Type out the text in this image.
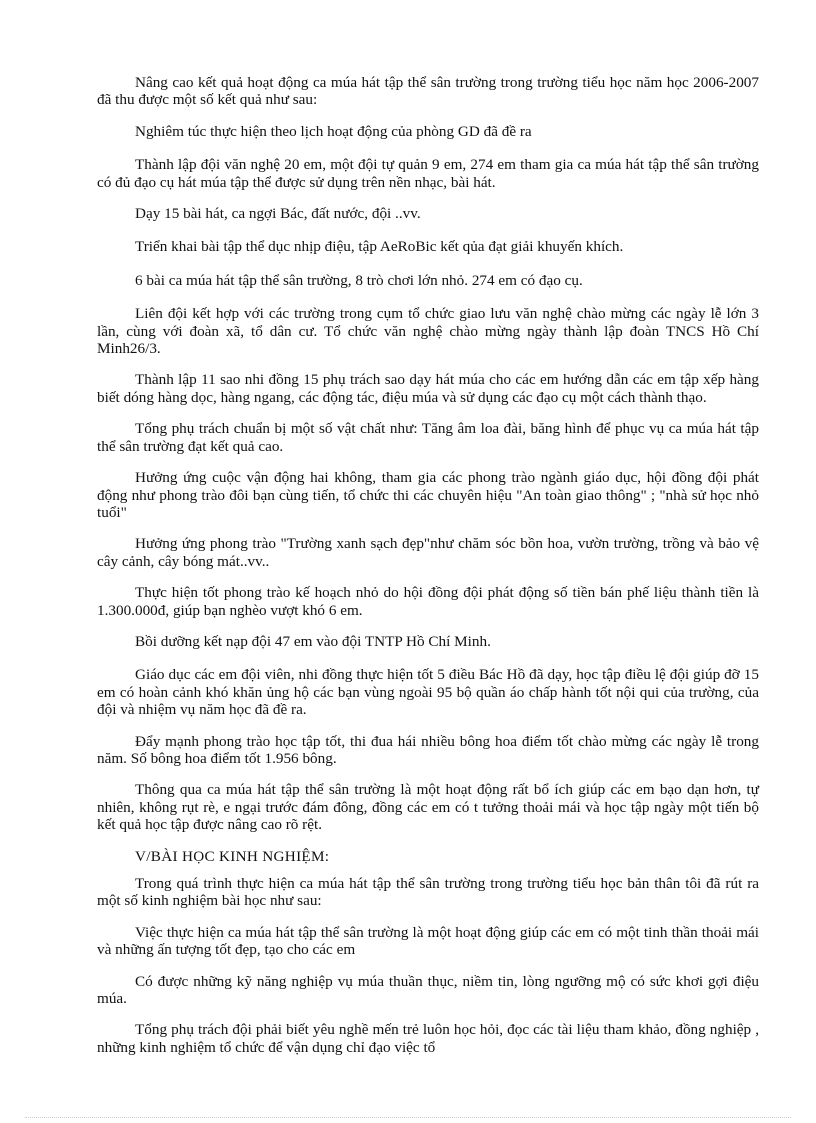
Nâng cao kết quả hoạt động ca múa hát tập thể sân trường trong trường tiểu học năm học 2006-2007 đã thu được một số kết quả như sau:

Nghiêm túc thực hiện theo lịch hoạt động của phòng GD đã đề ra

Thành lập đội văn nghệ 20 em, một đội tự quản 9 em, 274 em tham gia ca múa hát tập thể sân trường có đủ đạo cụ hát múa tập thể được sử dụng trên nền nhạc, bài hát.

Dạy 15 bài hát, ca ngợi Bác, đất nước, đội ..vv.

Triển khai bài tập thể dục nhịp điệu, tập AeRoBic kết qủa đạt giải khuyến khích.

6 bài ca múa hát tập thể sân trường, 8 trò chơi lớn nhỏ. 274 em có đạo cụ.

Liên đội kết hợp với các trường trong cụm tổ chức giao lưu văn nghệ chào mừng các ngày lễ lớn 3 lần, cùng với đoàn xã, tổ dân cư. Tổ chức văn nghệ chào mừng ngày thành lập đoàn TNCS Hồ Chí Minh26/3.

Thành lập 11 sao nhi đồng 15 phụ trách sao dạy hát múa cho các em hướng dẫn các em tập xếp hàng biết dóng hàng dọc, hàng ngang, các động tác, điệu múa và sử dụng các đạo cụ một cách thành thạo.

Tổng phụ trách chuẩn bị một số vật chất như: Tăng âm loa đài, băng hình để phục vụ ca múa hát tập thể sân trường đạt kết quả cao.

Hưởng ứng cuộc vận động hai không, tham gia các phong trào ngành giáo dục, hội đồng đội phát động như phong trào đôi bạn cùng tiến, tổ chức thi các chuyên hiệu "An toàn giao thông" ; "nhà sử học nhỏ tuổi"

Hưởng ứng phong trào "Trường xanh sạch đẹp"như chăm sóc bồn hoa, vườn trường, trồng và bảo vệ cây cảnh, cây bóng mát..vv..

Thực hiện tốt phong trào kế hoạch nhỏ do hội đồng đội phát động số tiền bán phế liệu thành tiền là 1.300.000đ, giúp bạn nghèo vượt khó 6 em.

Bồi dưỡng kết nạp đội 47 em vào đội TNTP Hồ Chí Minh.

Giáo dục các em đội viên, nhi đồng thực hiện tốt 5 điều Bác Hồ đã dạy, học tập điều lệ đội giúp đỡ 15 em có hoàn cảnh khó khăn ủng hộ các bạn vùng ngoài 95 bộ quần áo chấp hành tốt nội qui của trường, của đội và nhiệm vụ năm học đã đề ra.

Đẩy mạnh phong trào học tập tốt, thi đua hái nhiều bông hoa điểm tốt chào mừng các ngày lễ trong năm. Số bông hoa điểm tốt 1.956 bông.

Thông qua ca múa hát tập thể sân trường là một hoạt động rất bổ ích giúp các em bạo dạn hơn, tự nhiên, không rụt rè, e ngại trước đám đông, đồng các em có t tưởng thoải mái và học tập ngày một tiến bộ kết quả học tập được nâng cao rõ rệt.

V/BÀI HỌC KINH NGHIỆM:

Trong quá trình thực hiện ca múa hát tập thể sân trường trong trường tiểu học bản thân tôi đã rút ra một số kinh nghiệm bài học như sau:

Việc thực hiện ca múa hát tập thể sân trường là một hoạt động giúp các em có một tinh thần thoải mái và những ấn tượng tốt đẹp, tạo cho các em

Có được những kỹ năng nghiệp vụ múa thuần thục, niềm tin, lòng ngưỡng mộ có sức khơi gợi điệu múa.

Tổng phụ trách đội phải biết yêu nghề mến trẻ luôn học hỏi, đọc các tài liệu tham khảo, đồng nghiệp , những kinh nghiệm tổ chức để vận dụng chỉ đạo việc tổ
